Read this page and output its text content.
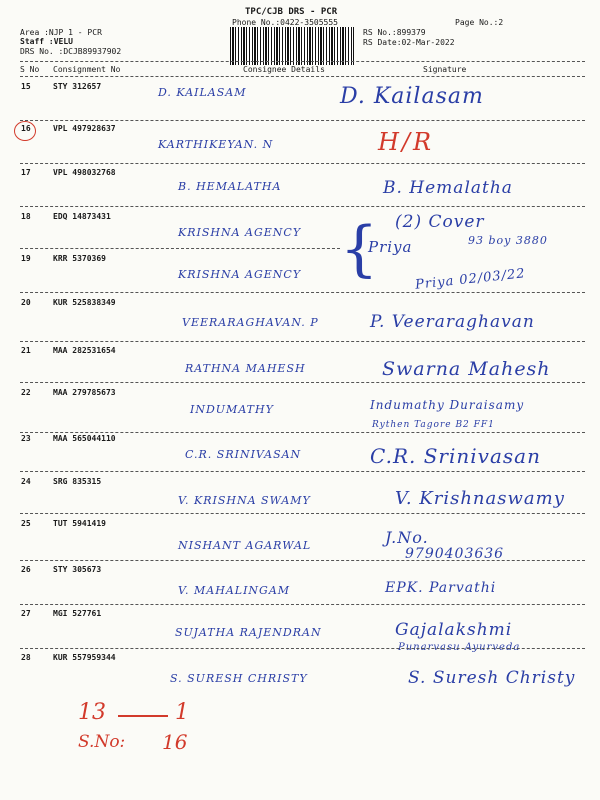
TPC/CJB DRS - PCR
Phone No.:0422-3505555	Page No.:2
Area :NJP 1 - PCR
Staff :VELU
DRS No. :DCJB89937902
RS No.:899379
RS Date:02-Mar-2022
S No Consignment No	Consignee Details	Signature
15	STY 312657	D. KAILASAM	D. Kailasam
16	VPL 497928637
KARTHIKEYAN. N	H/R
17	VPL 498032768
B. HEMALATHA	B. Hemalatha
18	EDQ 14873431
KRISHNA AGENCY { (2) Cover
Priya	93 boy 3880
19	KRR 5370369
KRISHNA AGENCY	Priya 02/03/22
20	KUR 525838349
VEERARAGHAVAN. P	P. Veeraraghavan
21	MAA 282531654
RATHNA MAHESH	Swarna Mahesh
22	MAA 279785673
INDUMATHY	Indumathy Duraisamy
Rythen Tagore B2 FF1
23	MAA 565044110
C.R. SRINIVASAN	C.R. Srinivasan
24	SRG 835315
V. KRISHNA SWAMY	V. Krishnaswamy
25	TUT 5941419
NISHANT AGARWAL	J.No.
9790403636
26	STY 305673
V. MAHALINGAM	EPK. Parvathi
27	MGI 527761
SUJATHA RAJENDRAN	Gajalakshmi
Punarvasu Ayurveda
28	KUR 557959344
S. SURESH CHRISTY	S. Suresh Christy
13	1
S.No: 16
